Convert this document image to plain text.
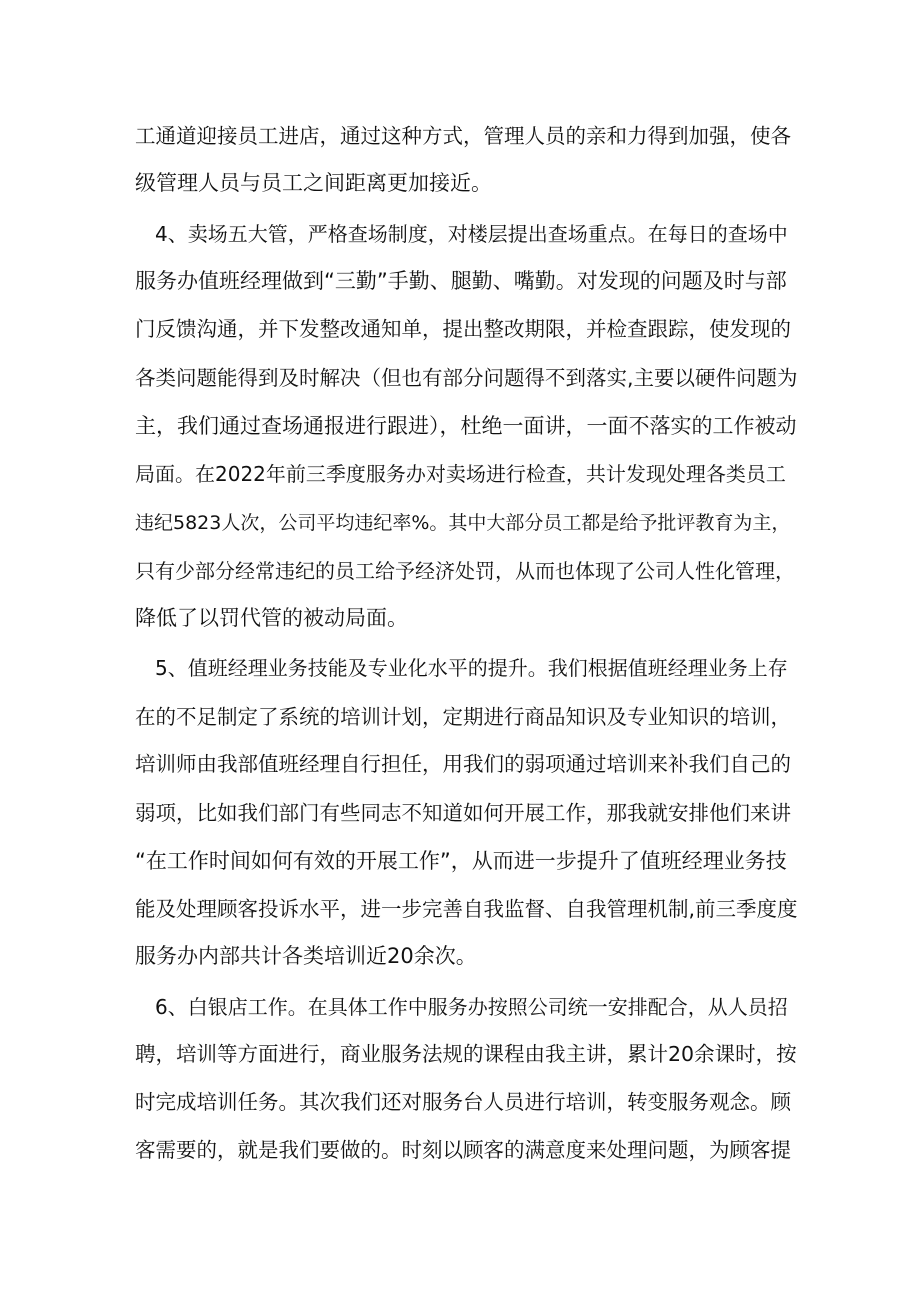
工通道迎接员工进店，通过这种方式，管理人员的亲和力得到加强，使各
级管理人员与员工之间距离更加接近。
4、卖场五大管，严格查场制度，对楼层提出查场重点。在每日的查场中
服务办值班经理做到“三勤”手勤、腿勤、嘴勤。对发现的问题及时与部
门反馈沟通，并下发整改通知单，提出整改期限，并检查跟踪，使发现的
各类问题能得到及时解决（但也有部分问题得不到落实,主要以硬件问题为
主，我们通过查场通报进行跟进），杜绝一面讲，一面不落实的工作被动
局面。在2022年前三季度服务办对卖场进行检查，共计发现处理各类员工
违纪5823人次，公司平均违纪率%。其中大部分员工都是给予批评教育为主，
只有少部分经常违纪的员工给予经济处罚，从而也体现了公司人性化管理，
降低了以罚代管的被动局面。
5、值班经理业务技能及专业化水平的提升。我们根据值班经理业务上存
在的不足制定了系统的培训计划，定期进行商品知识及专业知识的培训，
培训师由我部值班经理自行担任，用我们的弱项通过培训来补我们自己的
弱项，比如我们部门有些同志不知道如何开展工作，那我就安排他们来讲
“在工作时间如何有效的开展工作”，从而进一步提升了值班经理业务技
能及处理顾客投诉水平，进一步完善自我监督、自我管理机制,前三季度度
服务办内部共计各类培训近20余次。
6、白银店工作。在具体工作中服务办按照公司统一安排配合，从人员招
聘，培训等方面进行，商业服务法规的课程由我主讲，累计20余课时，按
时完成培训任务。其次我们还对服务台人员进行培训，转变服务观念。顾
客需要的，就是我们要做的。时刻以顾客的满意度来处理问题，为顾客提
